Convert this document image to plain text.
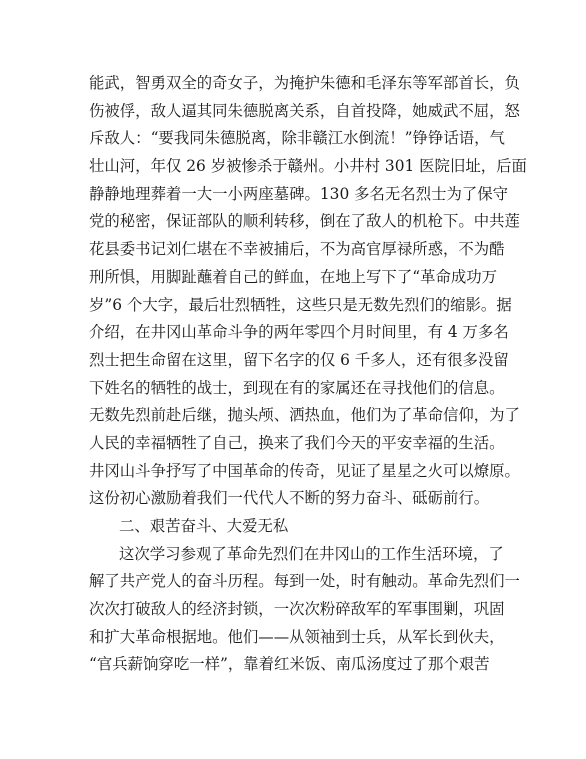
能武，智勇双全的奇女子，为掩护朱德和毛泽东等军部首长，负
伤被俘，敌人逼其同朱德脱离关系，自首投降，她威武不屈，怒
斥敌人：“要我同朱德脱离，除非赣江水倒流！”铮铮话语，气
壮山河，年仅 26 岁被惨杀于赣州。小井村 301 医院旧址，后面
静静地理葬着一大一小两座墓碑。130 多名无名烈士为了保守
党的秘密，保证部队的顺利转移，倒在了敌人的机枪下。中共莲
花县委书记刘仁堪在不幸被捕后，不为高官厚禄所惑，不为酷
刑所惧，用脚趾蘸着自己的鲜血，在地上写下了“革命成功万
岁”6 个大字，最后壮烈牺牲，这些只是无数先烈们的缩影。据
介绍，在井冈山革命斗争的两年零四个月时间里，有 4 万多名
烈士把生命留在这里，留下名字的仅 6 千多人，还有很多没留
下姓名的牺牲的战士，到现在有的家属还在寻找他们的信息。
无数先烈前赴后继，抛头颅、洒热血，他们为了革命信仰，为了
人民的幸福牺牲了自己，换来了我们今天的平安幸福的生活。
井冈山斗争抒写了中国革命的传奇，见证了星星之火可以燎原。
这份初心激励着我们一代代人不断的努力奋斗、砥砺前行。
二、艰苦奋斗、大爱无私
这次学习参观了革命先烈们在井冈山的工作生活环境，了
解了共产党人的奋斗历程。每到一处，时有触动。革命先烈们一
次次打破敌人的经济封锁，一次次粉碎敌军的军事围剿，巩固
和扩大革命根据地。他们——从领袖到士兵，从军长到伙夫，
“官兵薪饷穿吃一样”，靠着红米饭、南瓜汤度过了那个艰苦
